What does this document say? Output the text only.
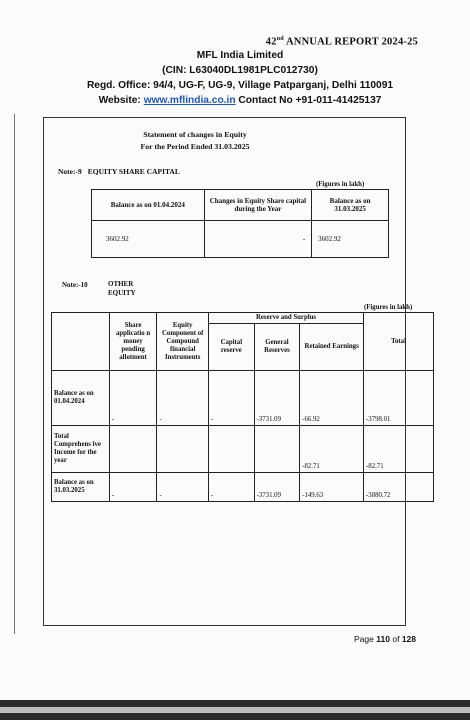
42nd ANNUAL REPORT 2024-25
MFL India Limited
(CIN: L63040DL1981PLC012730)
Regd. Office: 94/4, UG-F, UG-9, Village Patparganj, Delhi 110091
Website: www.mflindia.co.in Contact No +91-011-41425137
Statement of changes in Equity
For the Period Ended 31.03.2025
Note:-9 EQUITY SHARE CAPITAL
(Figures in lakh)
Balance as on 01.04.2024	Changes in Equity Share capital during the Year	Balance as on 31.03.2025
3602.92	-	3602.92
Note:-10	OTHER
EQUITY
(Figures in lakh)
	Share applicatio n money pending allotment	Equity Component of Compound financial Instruments	Reserve and Surplus			Total
			Capital reserve	General Reserves	Retained Earnings	
Balance as on 01.04.2024	-	-	-	-3731.09	-66.92	-3798.01
Total Comprehens ive Income for the year					-82.71	-82.71
Balance as on 31.03.2025	-	-	-	-3731.09	-149.63	-3880.72
Page 110 of 128
